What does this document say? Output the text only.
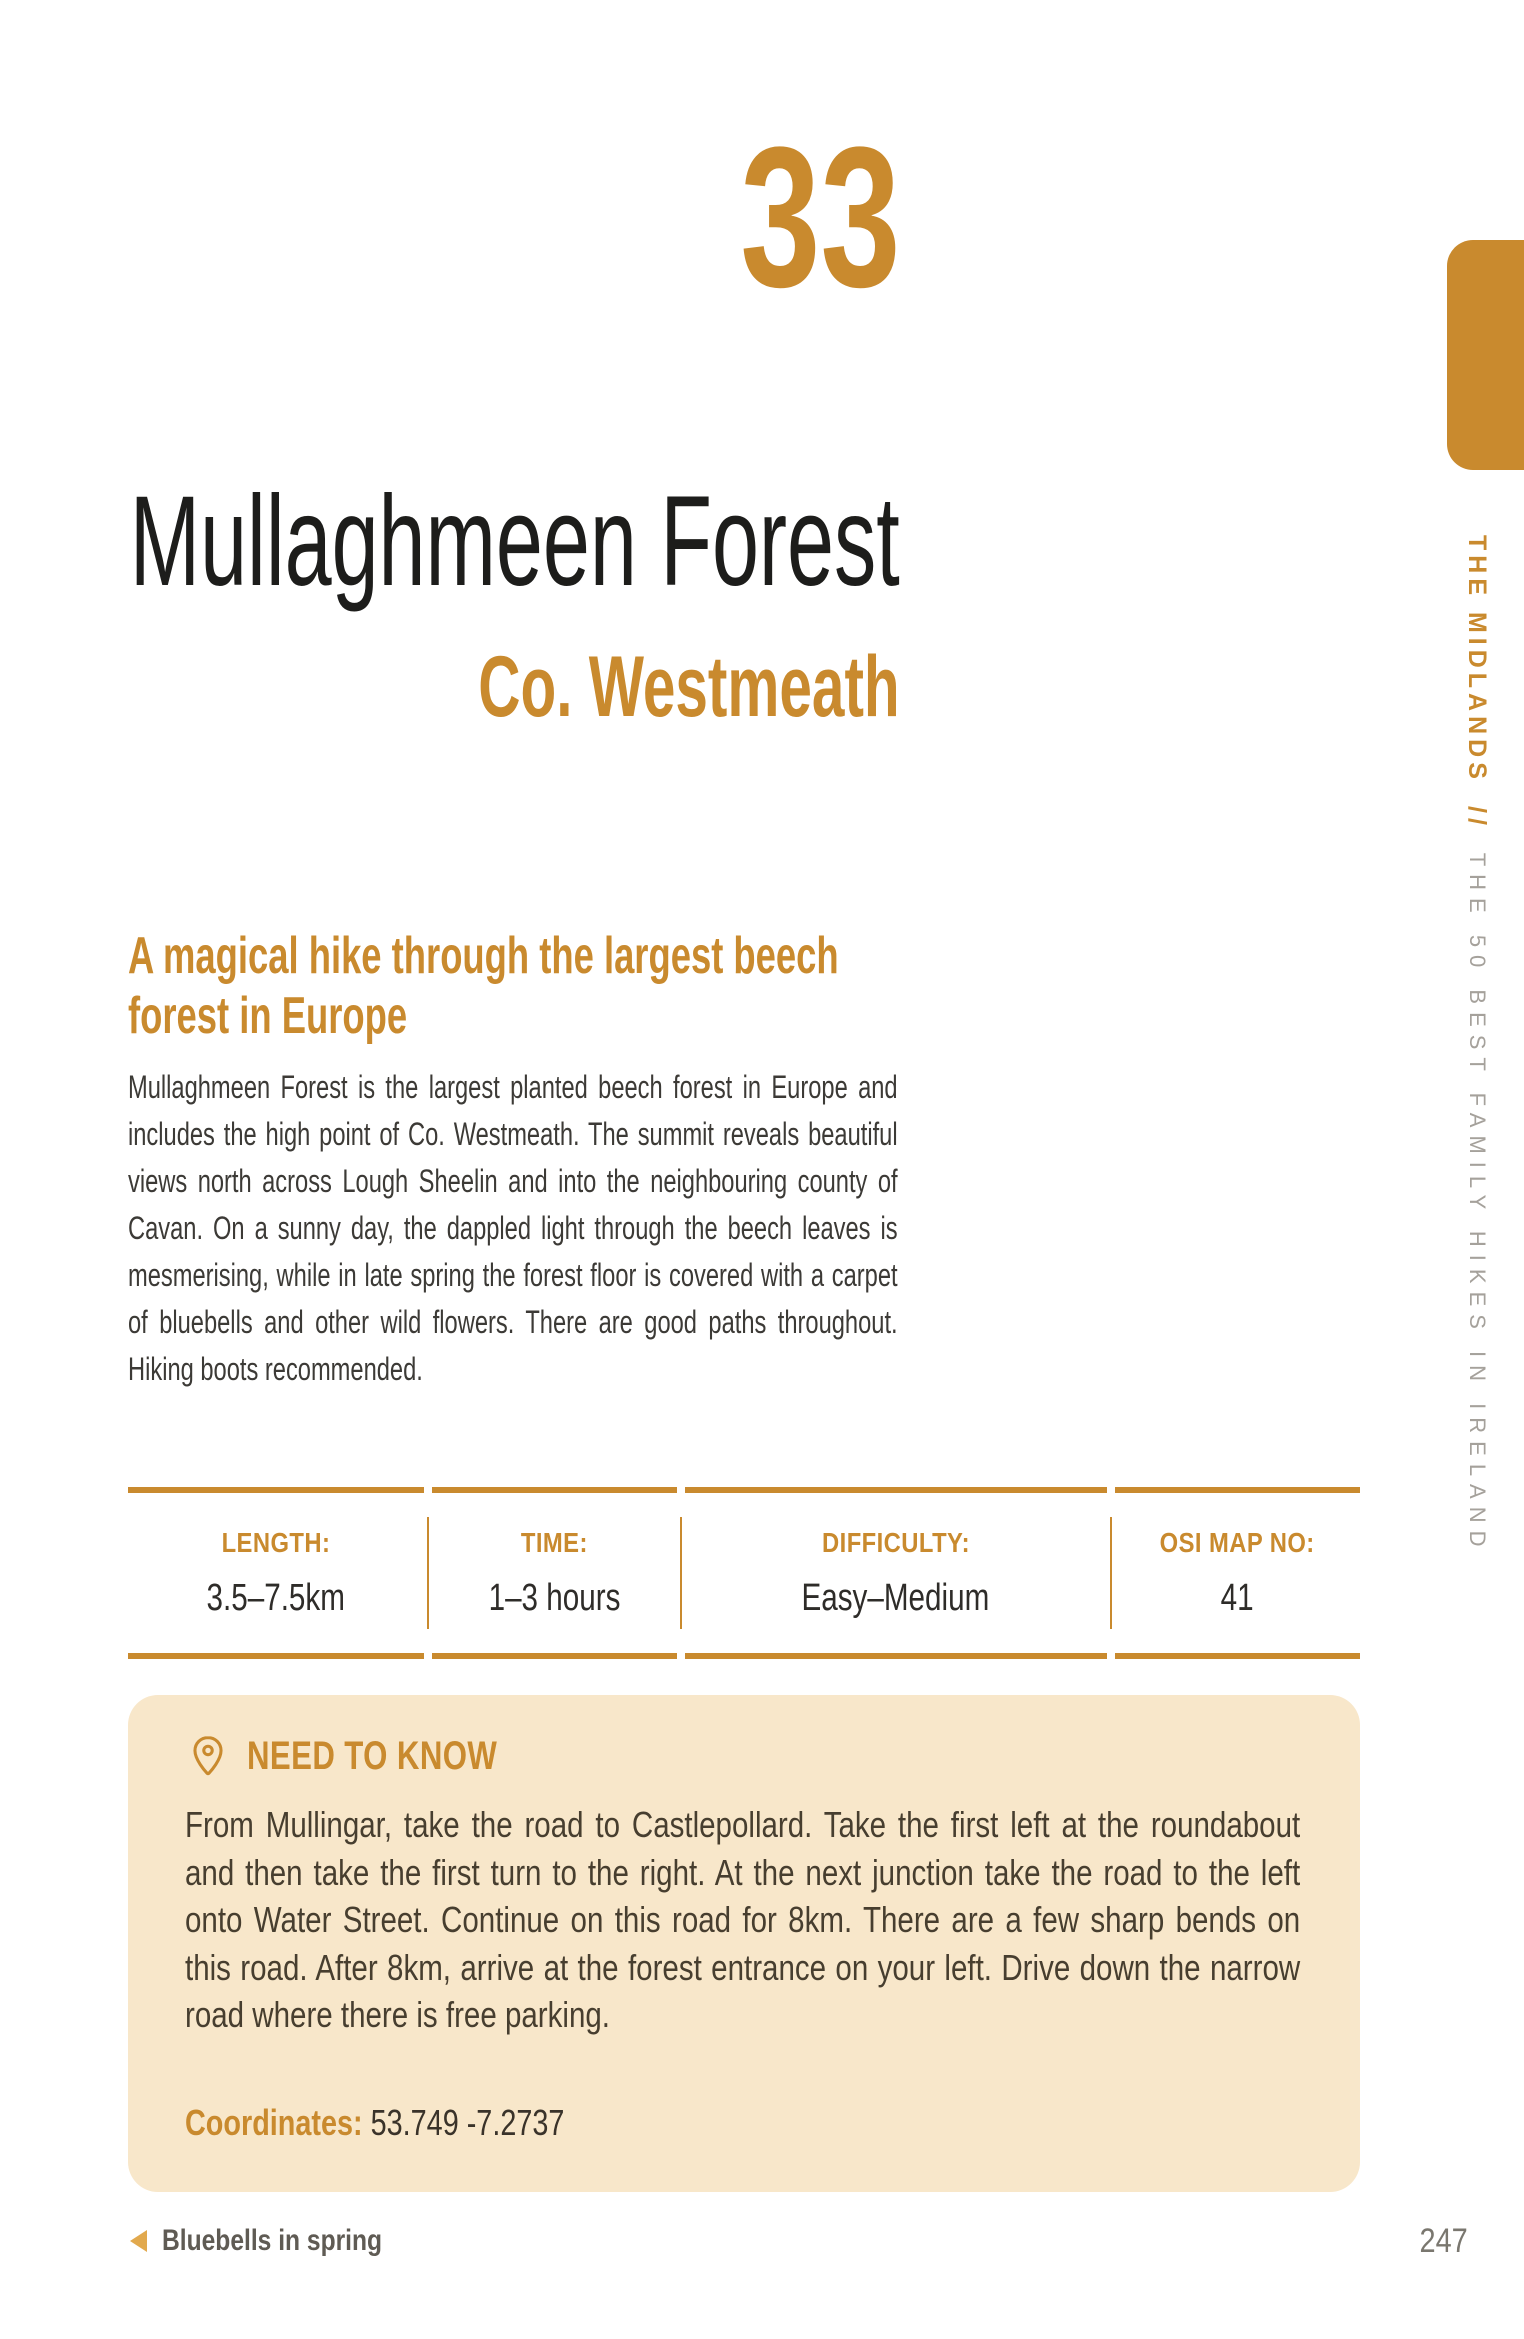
THE MIDLANDS // THE 50 BEST FAMILY HIKES IN IRELAND
33
Mullaghmeen Forest
Co. Westmeath
A magical hike through the largest beech forest in Europe

Mullaghmeen Forest is the largest planted beech forest in Europe and includes the high point of Co. Westmeath. The summit reveals beautiful views north across Lough Sheelin and into the neighbouring county of Cavan. On a sunny day, the dappled light through the beech leaves is mesmerising, while in late spring the forest floor is covered with a carpet of bluebells and other wild flowers. There are good paths throughout. Hiking boots recommended.

LENGTH:
3.5–7.5km
TIME:
1–3 hours
DIFFICULTY:
Easy–Medium
OSI MAP NO:
41
NEED TO KNOW

From Mullingar, take the road to Castlepollard. Take the first left at the roundabout and then take the first turn to the right. At the next junction take the road to the left onto Water Street. Continue on this road for 8km. There are a few sharp bends on this road. After 8km, arrive at the forest entrance on your left. Drive down the narrow road where there is free parking.

Coordinates: 53.749 -7.2737

Bluebells in spring	247
